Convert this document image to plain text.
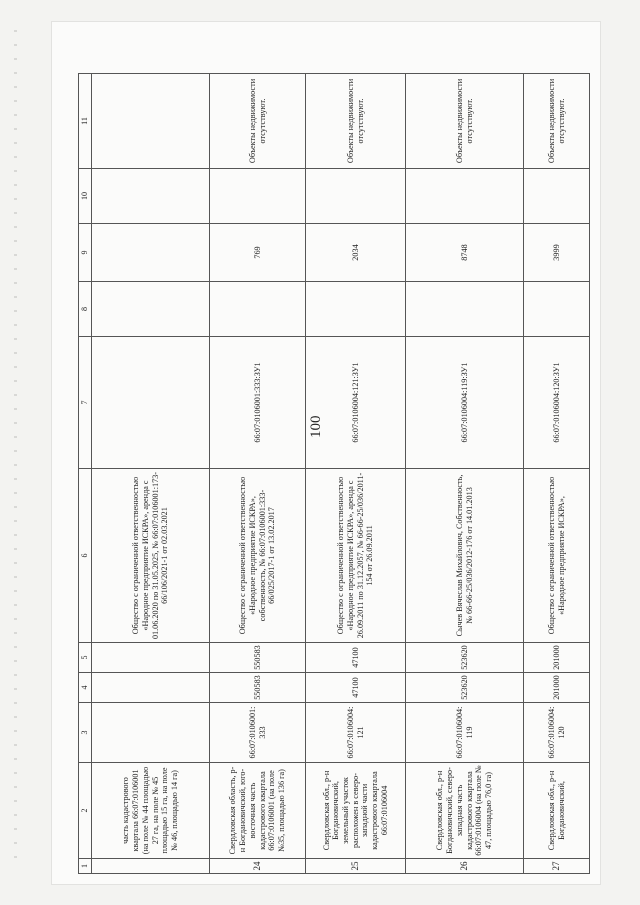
100
1	2	3	4	5	6	7	8	9	10	11
	часть кадастрового квартала 66:07:0106001 (на поле № 44 площадью 27 га, на поле № 45 площадью 15 га, на поле № 46, площадью 14 га)				Общество с ограниченной ответственностью «Народное предприятие ИСКРА», аренда с 01.06.2020 по 31.05.2025, № 66:07:0106001:173-66/106/2021-1 от 02.03.2021					
24	Свердловская область, р-н Богдановичский, юго-восточная часть кадастрового квартала 66:07:0106001 (на поле №35, площадью 136 га)	66:07:0106001:333	550583	550583	Общество с ограниченной ответственностью «Народное предприятие ИСКРА», собственность, № 66:07:0106001:333-66/025/2017-1 от 13.02.2017	66:07:0106001:333:ЗУ1		769		Объекты недвижимости отсутствуют.
25	Свердловская обл., р-н Богдановичский, земельный участок расположен в северо-западной части кадастрового квартала 66:07:0106004	66:07:0106004:121	47100	47100	Общество с ограниченной ответственностью «Народное предприятие ИСКРА», аренда с 26.09.2011 по 31.12.2057, № 66-66-25/036/2011-154 от 26.09.2011	66:07:0106004:121:ЗУ1		2034		Объекты недвижимости отсутствуют.
26	Свердловская обл., р-н Богдановичский, северо-западная часть кадастрового квартала 66:07:0106004 (на поле № 47, площадью 76,0 га)	66:07:0106004:119	523620	523620	Сычев Вячеслав Михайлович, Собственность, № 66-66-25/036/2012-176 от 14.01.2013	66:07:0106004:119:ЗУ1		8748		Объекты недвижимости отсутствуют.
27	Свердловская обл., р-н Богдановичский,	66:07:0106004:120	201000	201000	Общество с ограниченной ответственностью «Народное предприятие ИСКРА»,	66:07:0106004:120:ЗУ1		3999		Объекты недвижимости отсутствуют.
